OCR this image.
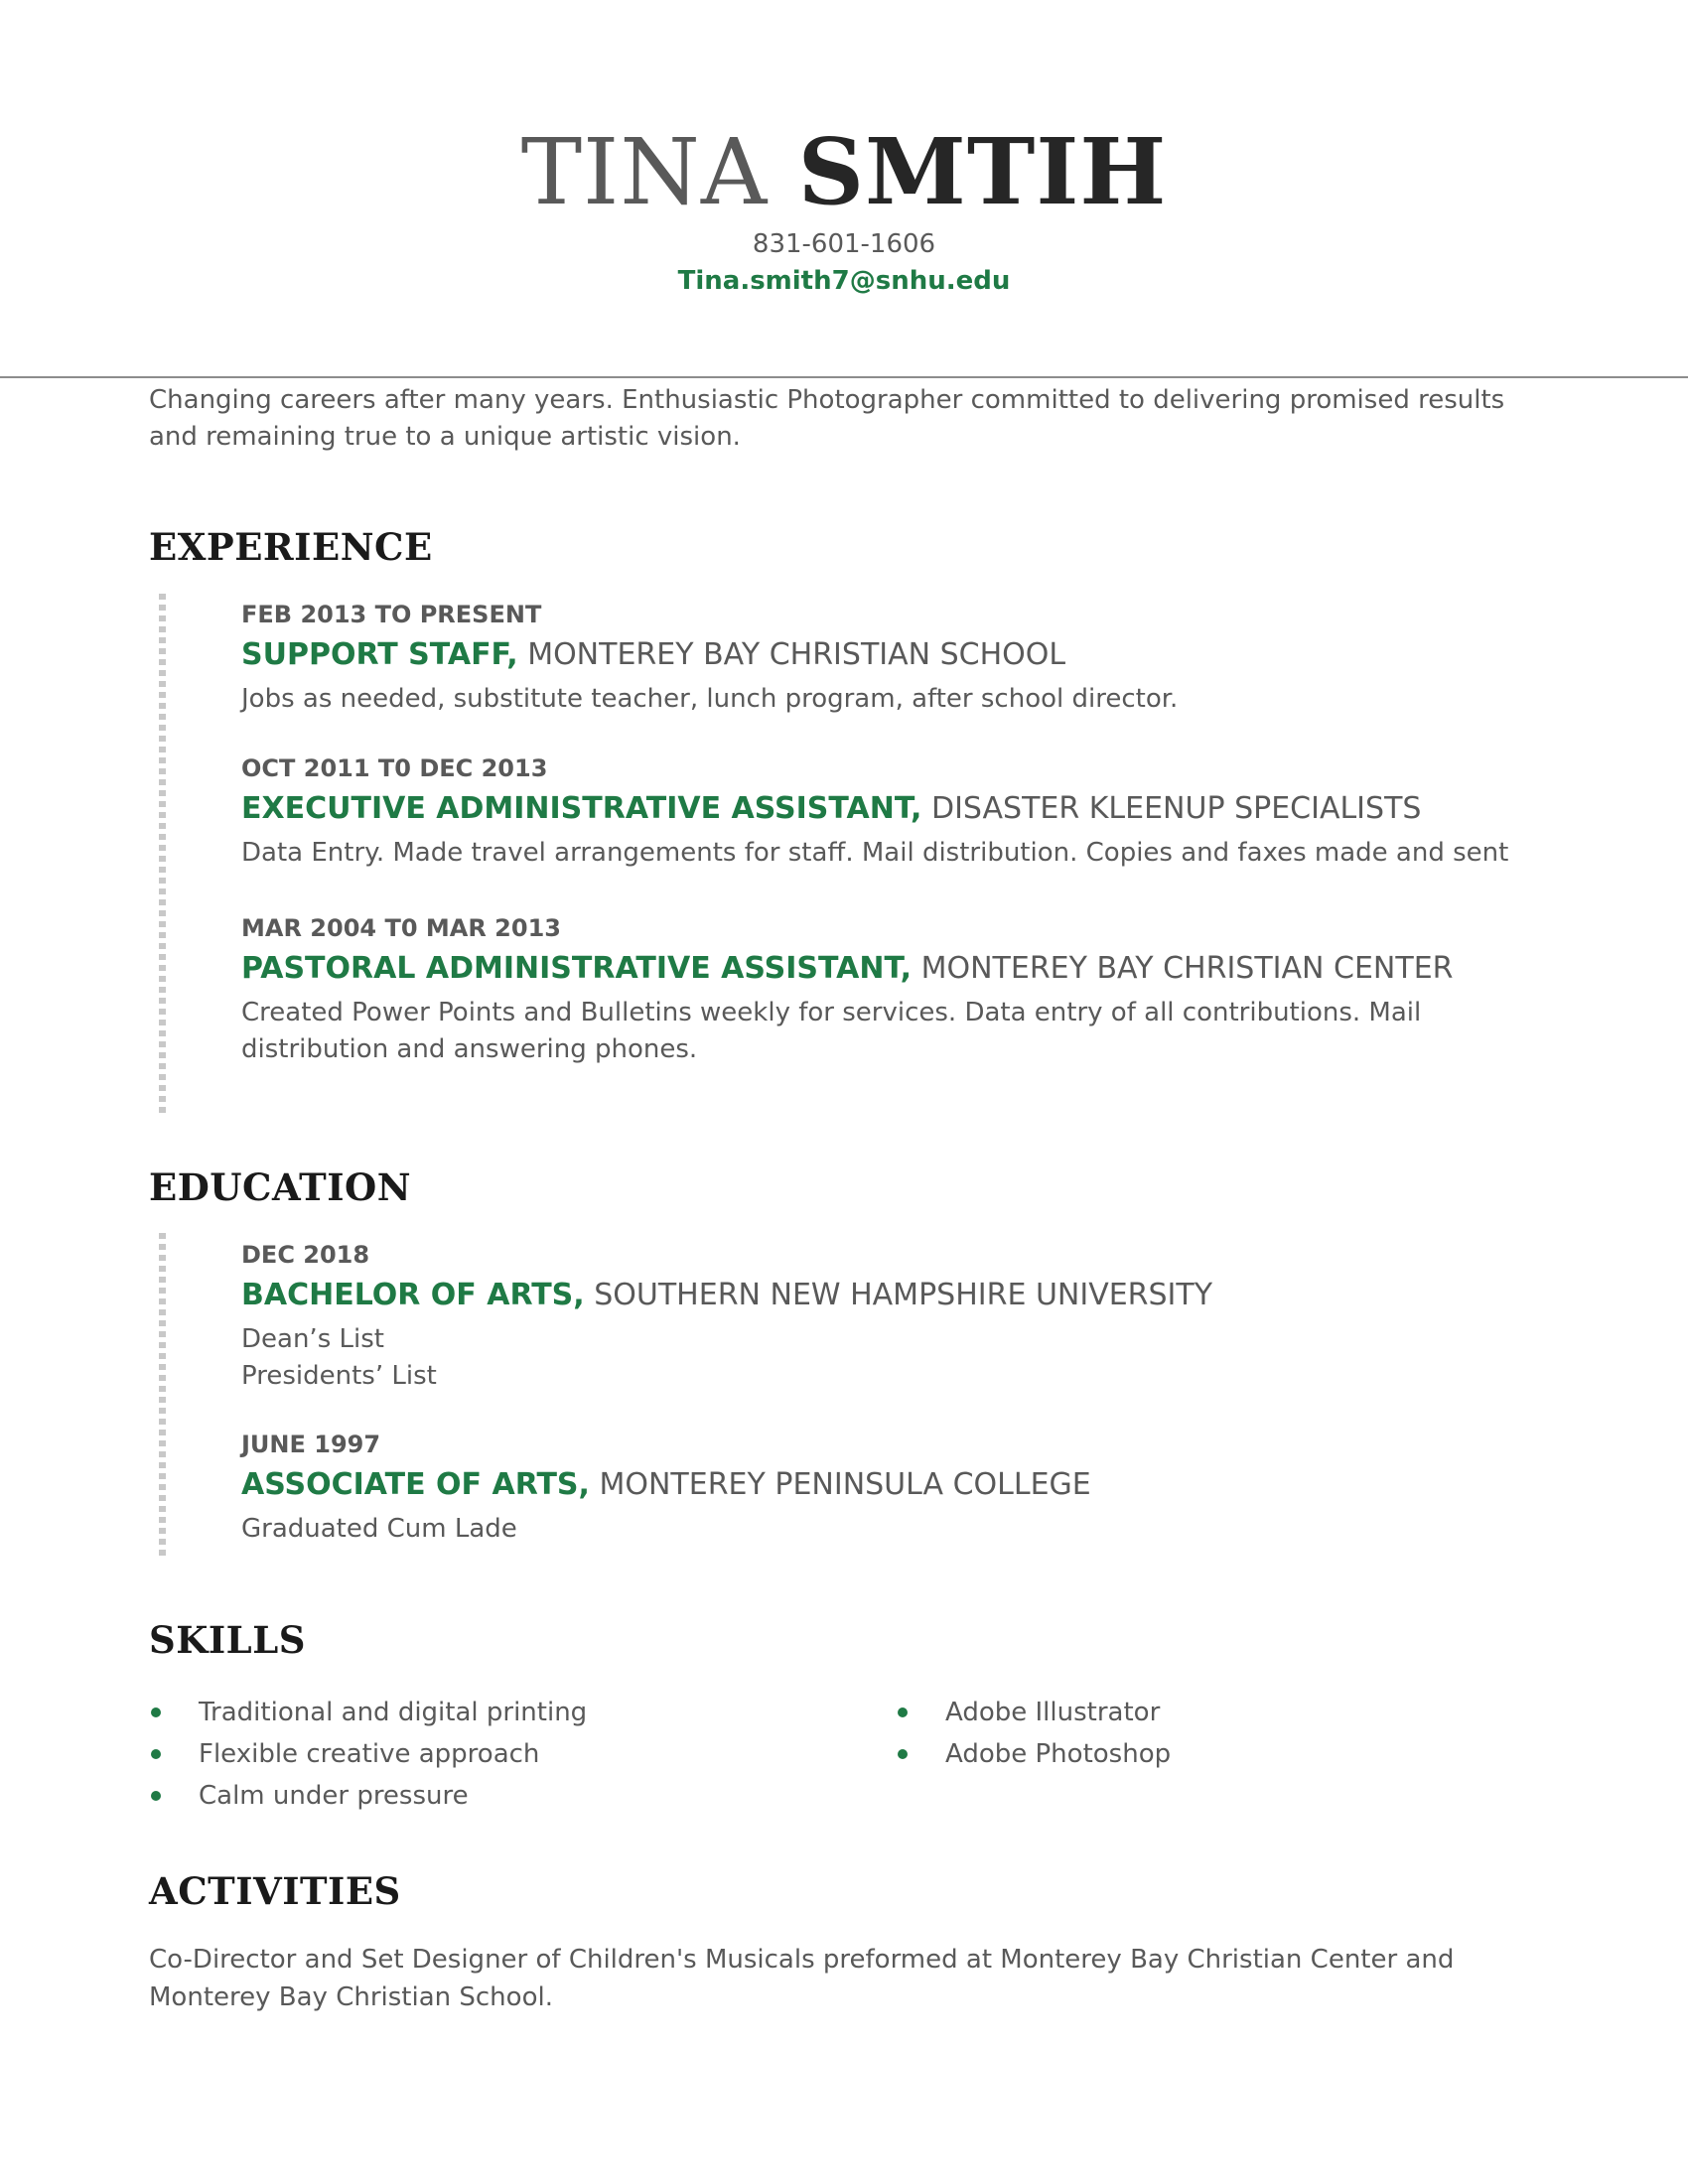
TINA SMTIH
831-601-1606
Tina.smith7@snhu.edu
Changing careers after many years. Enthusiastic Photographer committed to delivering promised results and remaining true to a unique artistic vision.
EXPERIENCE
FEB 2013 TO PRESENT
SUPPORT STAFF, MONTEREY BAY CHRISTIAN SCHOOL
Jobs as needed, substitute teacher, lunch program, after school director.
OCT 2011 T0 DEC 2013
EXECUTIVE ADMINISTRATIVE ASSISTANT, DISASTER KLEENUP SPECIALISTS
Data Entry. Made travel arrangements for staff. Mail distribution. Copies and faxes made and sent
MAR 2004 T0 MAR 2013
PASTORAL ADMINISTRATIVE ASSISTANT, MONTEREY BAY CHRISTIAN CENTER
Created Power Points and Bulletins weekly for services. Data entry of all contributions. Mail distribution and answering phones.
EDUCATION
DEC 2018
BACHELOR OF ARTS, SOUTHERN NEW HAMPSHIRE UNIVERSITY
Dean’s List
Presidents’ List
JUNE 1997
ASSOCIATE OF ARTS, MONTEREY PENINSULA COLLEGE
Graduated Cum Lade
SKILLS
Traditional and digital printing
Flexible creative approach
Calm under pressure
Adobe Illustrator
Adobe Photoshop
ACTIVITIES
Co-Director and Set Designer of Children's Musicals preformed at Monterey Bay Christian Center and Monterey Bay Christian School.
